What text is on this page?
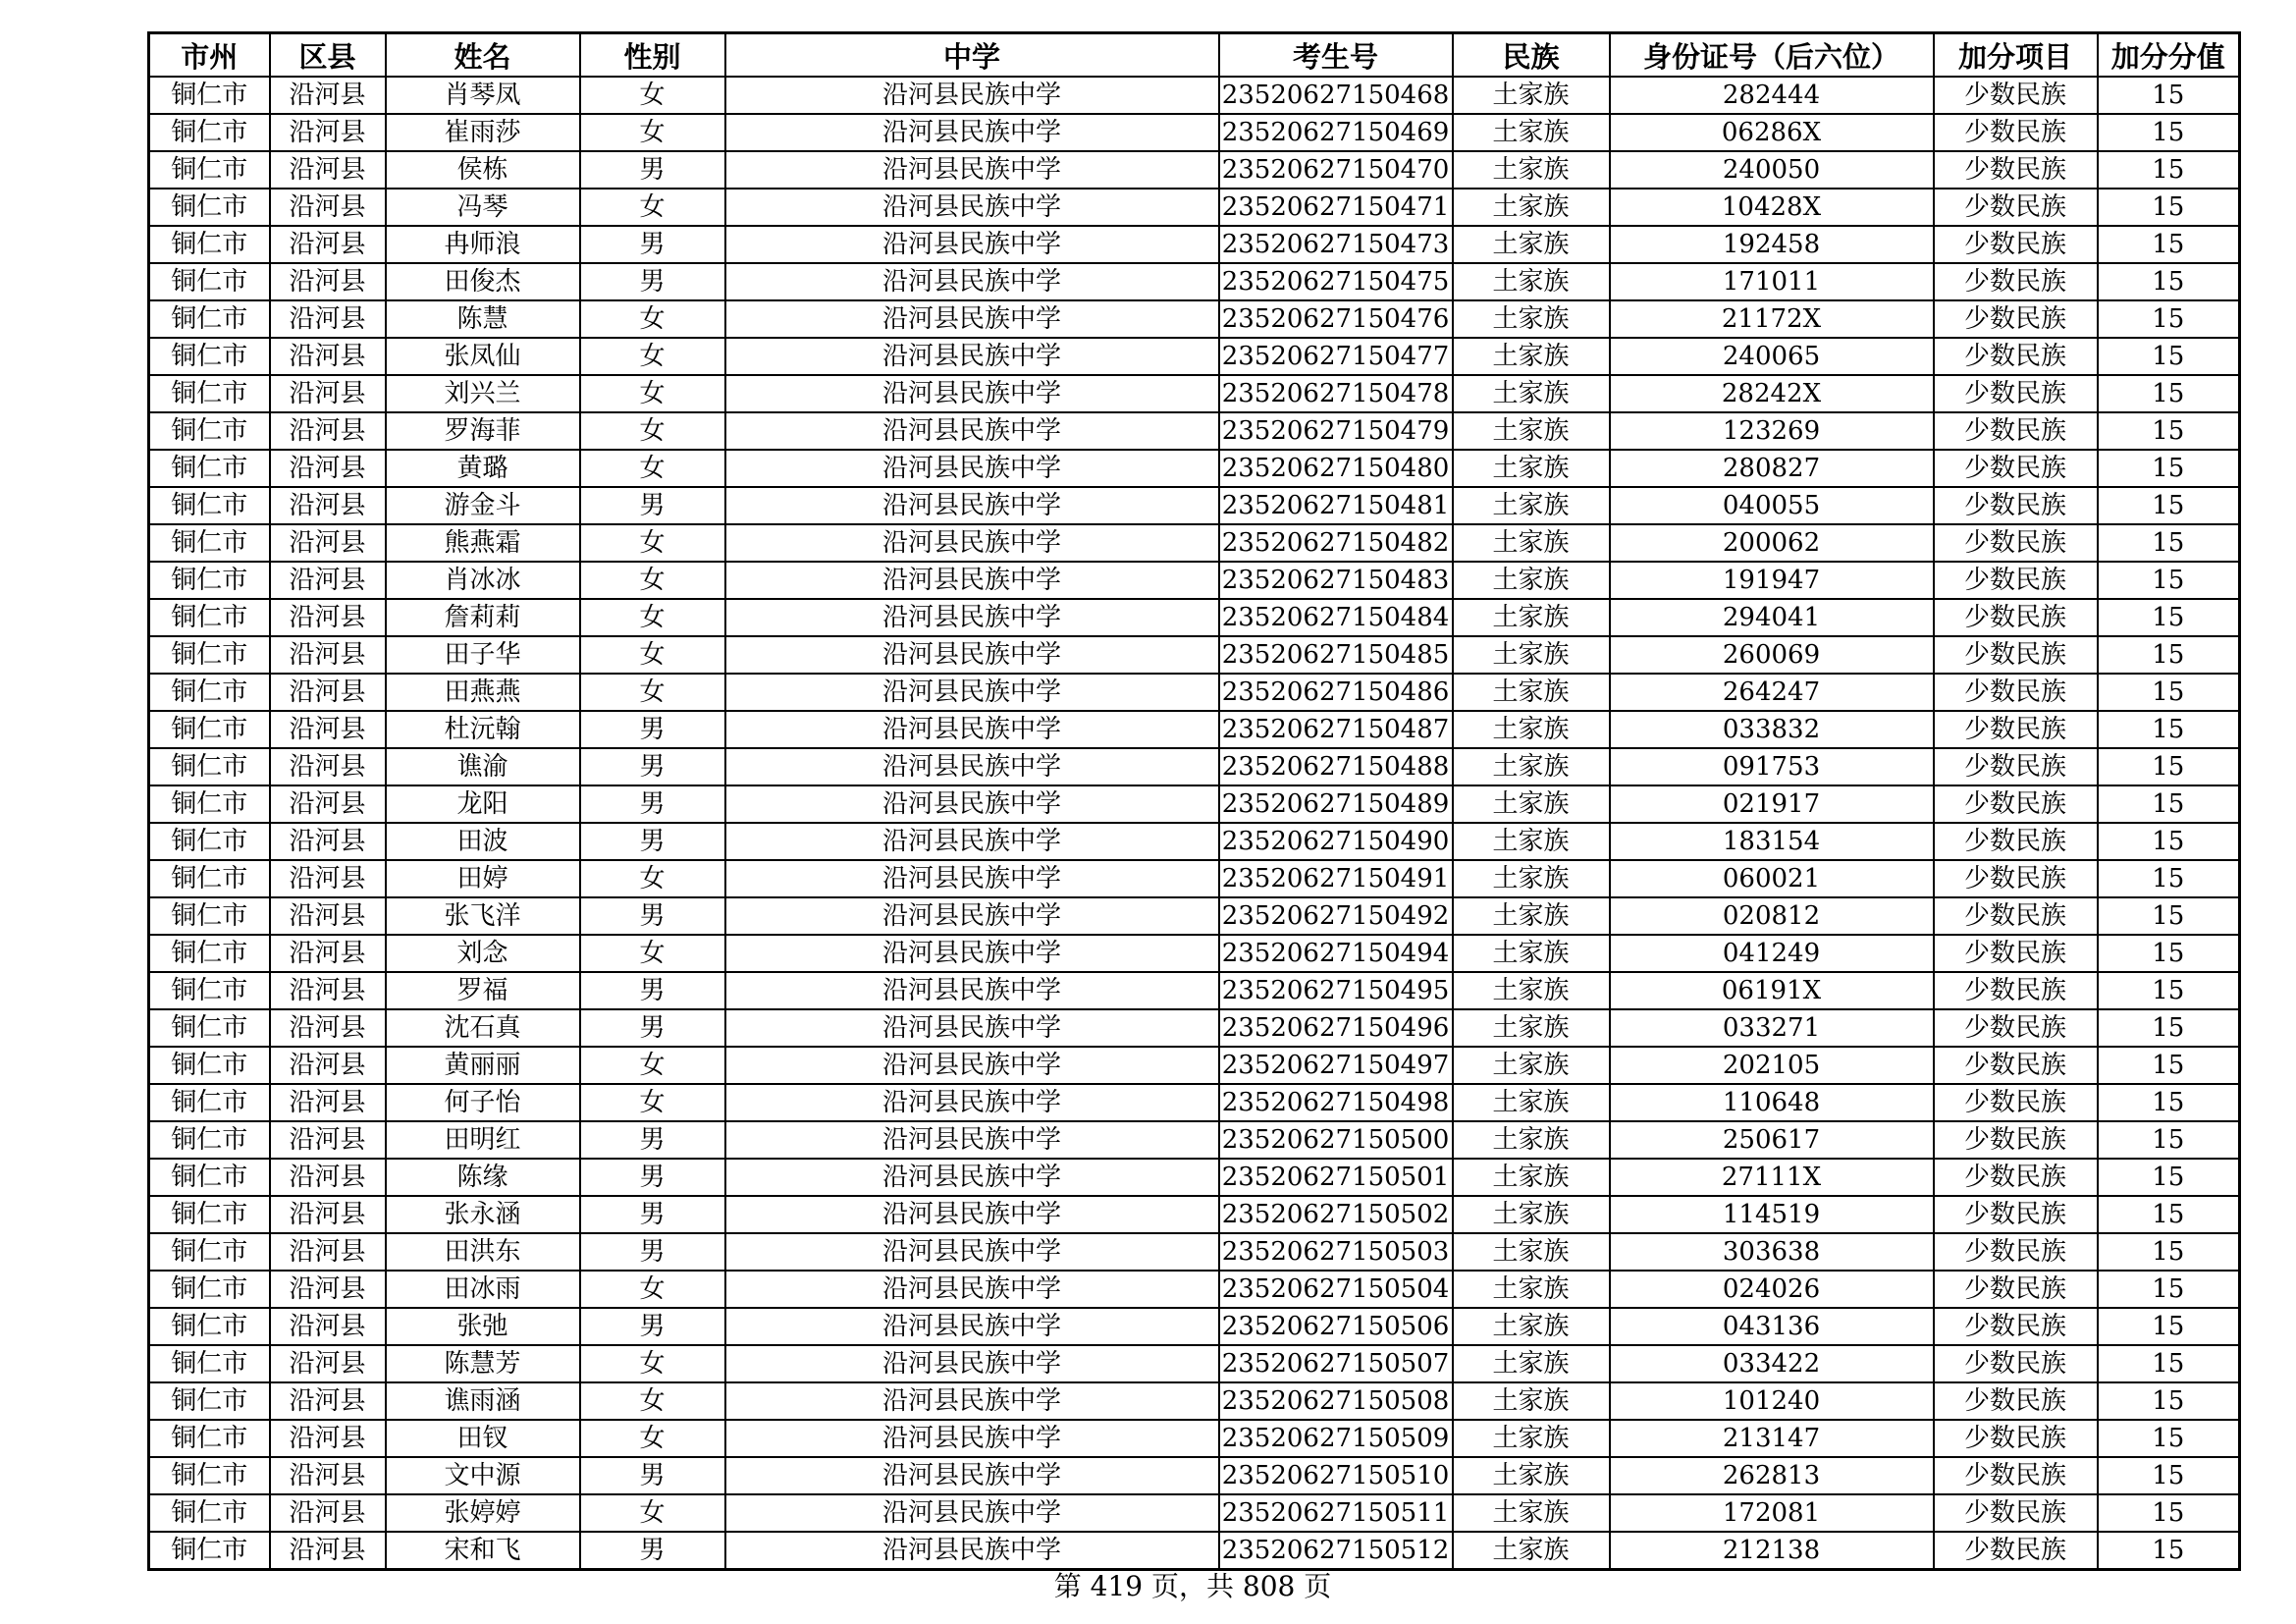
市州	区县	姓名	性别	中学	考生号	民族	身份证号（后六位）	加分项目	加分分值
铜仁市	沿河县	肖琴凤	女	沿河县民族中学	23520627150468	土家族	282444	少数民族	15
铜仁市	沿河县	崔雨莎	女	沿河县民族中学	23520627150469	土家族	06286X	少数民族	15
铜仁市	沿河县	侯栋	男	沿河县民族中学	23520627150470	土家族	240050	少数民族	15
铜仁市	沿河县	冯琴	女	沿河县民族中学	23520627150471	土家族	10428X	少数民族	15
铜仁市	沿河县	冉师浪	男	沿河县民族中学	23520627150473	土家族	192458	少数民族	15
铜仁市	沿河县	田俊杰	男	沿河县民族中学	23520627150475	土家族	171011	少数民族	15
铜仁市	沿河县	陈慧	女	沿河县民族中学	23520627150476	土家族	21172X	少数民族	15
铜仁市	沿河县	张凤仙	女	沿河县民族中学	23520627150477	土家族	240065	少数民族	15
铜仁市	沿河县	刘兴兰	女	沿河县民族中学	23520627150478	土家族	28242X	少数民族	15
铜仁市	沿河县	罗海菲	女	沿河县民族中学	23520627150479	土家族	123269	少数民族	15
铜仁市	沿河县	黄璐	女	沿河县民族中学	23520627150480	土家族	280827	少数民族	15
铜仁市	沿河县	游金斗	男	沿河县民族中学	23520627150481	土家族	040055	少数民族	15
铜仁市	沿河县	熊燕霜	女	沿河县民族中学	23520627150482	土家族	200062	少数民族	15
铜仁市	沿河县	肖冰冰	女	沿河县民族中学	23520627150483	土家族	191947	少数民族	15
铜仁市	沿河县	詹莉莉	女	沿河县民族中学	23520627150484	土家族	294041	少数民族	15
铜仁市	沿河县	田子华	女	沿河县民族中学	23520627150485	土家族	260069	少数民族	15
铜仁市	沿河县	田燕燕	女	沿河县民族中学	23520627150486	土家族	264247	少数民族	15
铜仁市	沿河县	杜沅翰	男	沿河县民族中学	23520627150487	土家族	033832	少数民族	15
铜仁市	沿河县	谯渝	男	沿河县民族中学	23520627150488	土家族	091753	少数民族	15
铜仁市	沿河县	龙阳	男	沿河县民族中学	23520627150489	土家族	021917	少数民族	15
铜仁市	沿河县	田波	男	沿河县民族中学	23520627150490	土家族	183154	少数民族	15
铜仁市	沿河县	田婷	女	沿河县民族中学	23520627150491	土家族	060021	少数民族	15
铜仁市	沿河县	张飞洋	男	沿河县民族中学	23520627150492	土家族	020812	少数民族	15
铜仁市	沿河县	刘念	女	沿河县民族中学	23520627150494	土家族	041249	少数民族	15
铜仁市	沿河县	罗福	男	沿河县民族中学	23520627150495	土家族	06191X	少数民族	15
铜仁市	沿河县	沈石真	男	沿河县民族中学	23520627150496	土家族	033271	少数民族	15
铜仁市	沿河县	黄丽丽	女	沿河县民族中学	23520627150497	土家族	202105	少数民族	15
铜仁市	沿河县	何子怡	女	沿河县民族中学	23520627150498	土家族	110648	少数民族	15
铜仁市	沿河县	田明红	男	沿河县民族中学	23520627150500	土家族	250617	少数民族	15
铜仁市	沿河县	陈缘	男	沿河县民族中学	23520627150501	土家族	27111X	少数民族	15
铜仁市	沿河县	张永涵	男	沿河县民族中学	23520627150502	土家族	114519	少数民族	15
铜仁市	沿河县	田洪东	男	沿河县民族中学	23520627150503	土家族	303638	少数民族	15
铜仁市	沿河县	田冰雨	女	沿河县民族中学	23520627150504	土家族	024026	少数民族	15
铜仁市	沿河县	张弛	男	沿河县民族中学	23520627150506	土家族	043136	少数民族	15
铜仁市	沿河县	陈慧芳	女	沿河县民族中学	23520627150507	土家族	033422	少数民族	15
铜仁市	沿河县	谯雨涵	女	沿河县民族中学	23520627150508	土家族	101240	少数民族	15
铜仁市	沿河县	田钗	女	沿河县民族中学	23520627150509	土家族	213147	少数民族	15
铜仁市	沿河县	文中源	男	沿河县民族中学	23520627150510	土家族	262813	少数民族	15
铜仁市	沿河县	张婷婷	女	沿河县民族中学	23520627150511	土家族	172081	少数民族	15
铜仁市	沿河县	宋和飞	男	沿河县民族中学	23520627150512	土家族	212138	少数民族	15
第 419 页，共 808 页
